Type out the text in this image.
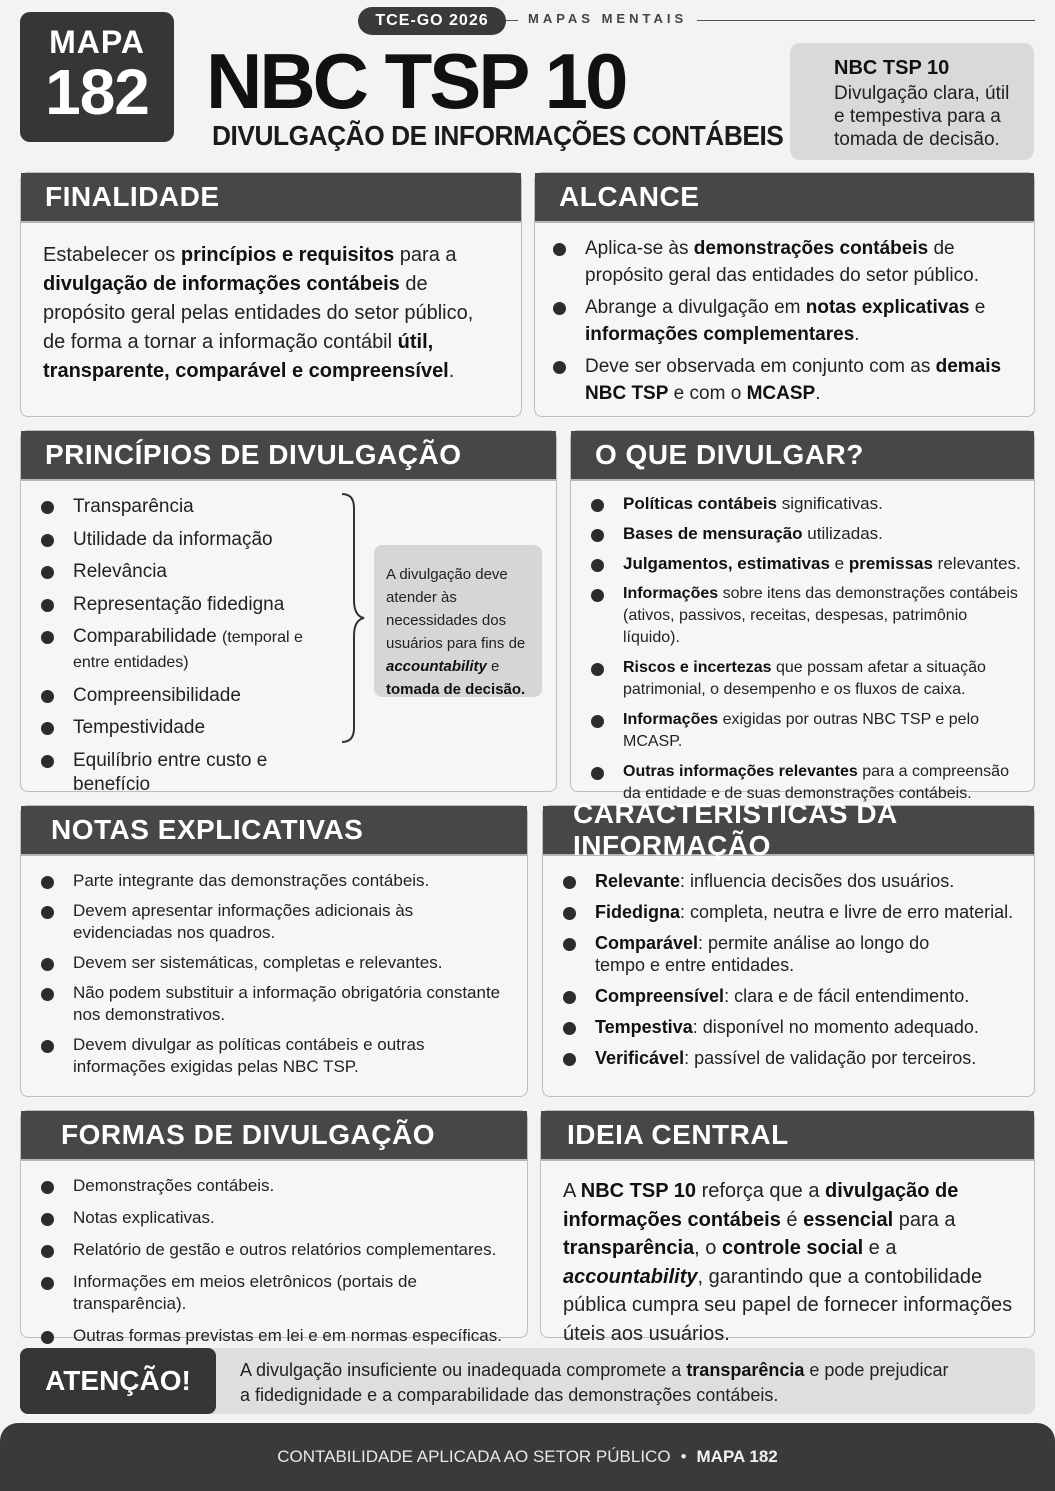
TCE-GO 2026	MAPAS MENTAIS
MAPA
182 NBC TSP 10
DIVULGAÇÃO DE INFORMAÇÕES CONTÁBEIS
NBC TSP 10
Divulgação clara, útil e tempestiva para a tomada de decisão.
FINALIDADE
Estabelecer os princípios e requisitos para a divulgação de informações contábeis de propósito geral pelas entidades do setor público, de forma a tornar a informação contábil útil, transparente, comparável e compreensível.
ALCANCE
Aplica-se às demonstrações contábeis de propósito geral das entidades do setor público.
Abrange a divulgação em notas explicativas e informações complementares.
Deve ser observada em conjunto com as demais NBC TSP e com o MCASP.
PRINCÍPIOS DE DIVULGAÇÃO
Transparência
Utilidade da informação
Relevância
Representação fidedigna
Comparabilidade (temporal e entre entidades)
Compreensibilidade
Tempestividade
Equilíbrio entre custo e benefício
A divulgação deve atender às necessidades dos usuários para fins de accountability e tomada de decisão.
O QUE DIVULGAR?
Políticas contábeis significativas.
Bases de mensuração utilizadas.
Julgamentos, estimativas e premissas relevantes.
Informações sobre itens das demonstrações contábeis (ativos, passivos, receitas, despesas, patrimônio líquido).
Riscos e incertezas que possam afetar a situação patrimonial, o desempenho e os fluxos de caixa.
Informações exigidas por outras NBC TSP e pelo MCASP.
Outras informações relevantes para a compreensão da entidade e de suas demonstrações contábeis.
NOTAS EXPLICATIVAS
Parte integrante das demonstrações contábeis.
Devem apresentar informações adicionais às evidenciadas nos quadros.
Devem ser sistemáticas, completas e relevantes.
Não podem substituir a informação obrigatória constante nos demonstrativos.
Devem divulgar as políticas contábeis e outras informações exigidas pelas NBC TSP.
CARACTERÍSTICAS DA INFORMAÇÃO
Relevante: influencia decisões dos usuários.
Fidedigna: completa, neutra e livre de erro material.
Comparável: permite análise ao longo do tempo e entre entidades.
Compreensível: clara e de fácil entendimento.
Tempestiva: disponível no momento adequado.
Verificável: passível de validação por terceiros.
FORMAS DE DIVULGAÇÃO
Demonstrações contábeis.
Notas explicativas.
Relatório de gestão e outros relatórios complementares.
Informações em meios eletrônicos (portais de transparência).
Outras formas previstas em lei e em normas específicas.
IDEIA CENTRAL
A NBC TSP 10 reforça que a divulgação de informações contábeis é essencial para a transparência, o controle social e a accountability, garantindo que a contobilidade pública cumpra seu papel de fornecer informações úteis aos usuários.
ATENÇÃO!	A divulgação insuficiente ou inadequada compromete a transparência e pode prejudicar a fidedignidade e a comparabilidade das demonstrações contábeis.
CONTABILIDADE APLICADA AO SETOR PÚBLICO • MAPA 182
